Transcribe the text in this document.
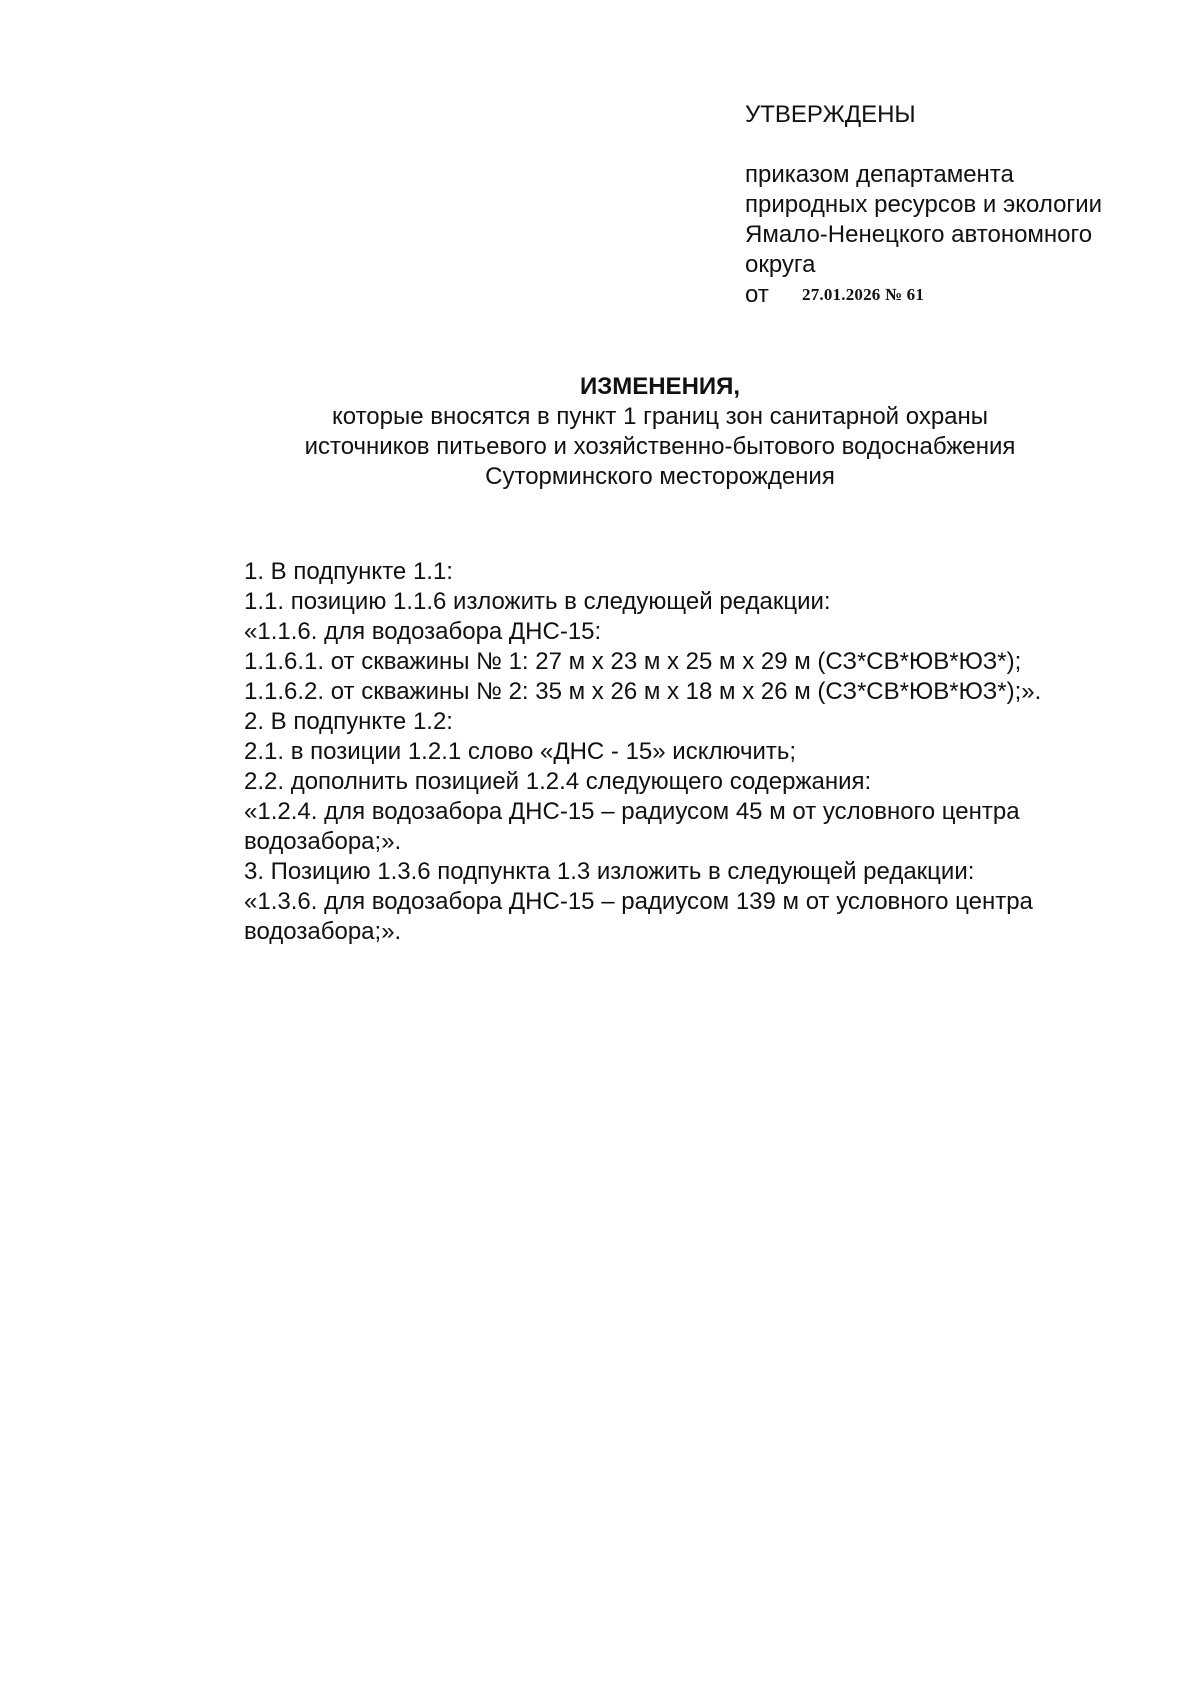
УТВЕРЖДЕНЫ
приказом департамента
природных ресурсов и экологии
Ямало-Ненецкого автономного
округа
от 27.01.2026 № 61
ИЗМЕНЕНИЯ,
которые вносятся в пункт 1 границ зон санитарной охраны
источников питьевого и хозяйственно-бытового водоснабжения
Суторминского месторождения
1. В подпункте 1.1:
1.1. позицию 1.1.6 изложить в следующей редакции:
«1.1.6. для водозабора ДНС-15:
1.1.6.1. от скважины № 1: 27 м х 23 м х 25 м х 29 м (СЗ*СВ*ЮВ*ЮЗ*);
1.1.6.2. от скважины № 2: 35 м х 26 м х 18 м х 26 м (СЗ*СВ*ЮВ*ЮЗ*);».
2. В подпункте 1.2:
2.1. в позиции 1.2.1 слово «ДНС - 15» исключить;
2.2. дополнить позицией 1.2.4 следующего содержания:
«1.2.4. для водозабора ДНС-15 – радиусом 45 м от условного центра
водозабора;».
3. Позицию 1.3.6 подпункта 1.3 изложить в следующей редакции:
«1.3.6. для водозабора ДНС-15 – радиусом 139 м от условного центра
водозабора;».
